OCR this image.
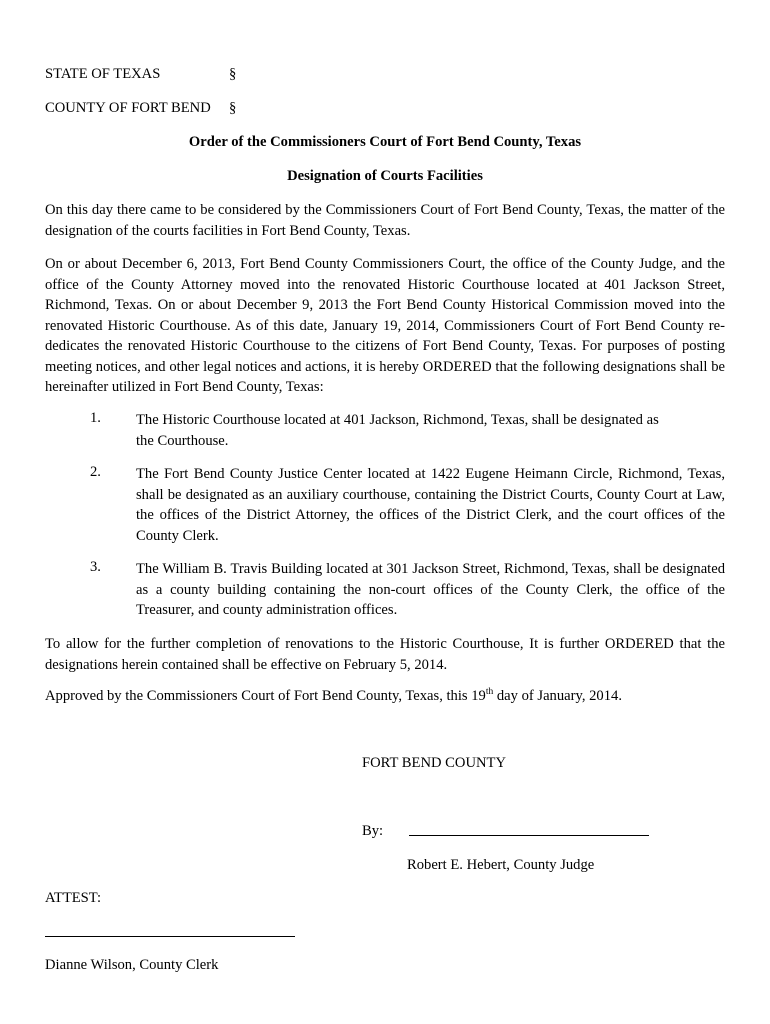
STATE OF TEXAS	§
COUNTY OF FORT BEND §
Order of the Commissioners Court of Fort Bend County, Texas
Designation of Courts Facilities

On this day there came to be considered by the Commissioners Court of Fort Bend County, Texas, the matter of the designation of the courts facilities in Fort Bend County, Texas.

On or about December 6, 2013, Fort Bend County Commissioners Court, the office of the County Judge, and the office of the County Attorney moved into the renovated Historic Courthouse located at 401 Jackson Street, Richmond, Texas. On or about December 9, 2013 the Fort Bend County Historical Commission moved into the renovated Historic Courthouse. As of this date, January 19, 2014, Commissioners Court of Fort Bend County re-dedicates the renovated Historic Courthouse to the citizens of Fort Bend County, Texas. For purposes of posting meeting notices, and other legal notices and actions, it is hereby ORDERED that the following designations shall be hereinafter utilized in Fort Bend County, Texas:

1. The Historic Courthouse located at 401 Jackson, Richmond, Texas, shall be designated as the Courthouse.

2. The Fort Bend County Justice Center located at 1422 Eugene Heimann Circle, Richmond, Texas, shall be designated as an auxiliary courthouse, containing the District Courts, County Court at Law, the offices of the District Attorney, the offices of the District Clerk, and the court offices of the County Clerk.

3. The William B. Travis Building located at 301 Jackson Street, Richmond, Texas, shall be designated as a county building containing the non-court offices of the County Clerk, the office of the Treasurer, and county administration offices.

To allow for the further completion of renovations to the Historic Courthouse, It is further ORDERED that the designations herein contained shall be effective on February 5, 2014.

Approved by the Commissioners Court of Fort Bend County, Texas, this 19th day of January, 2014.
FORT BEND COUNTY
By:
Robert E. Hebert, County Judge
ATTEST:
Dianne Wilson, County Clerk
